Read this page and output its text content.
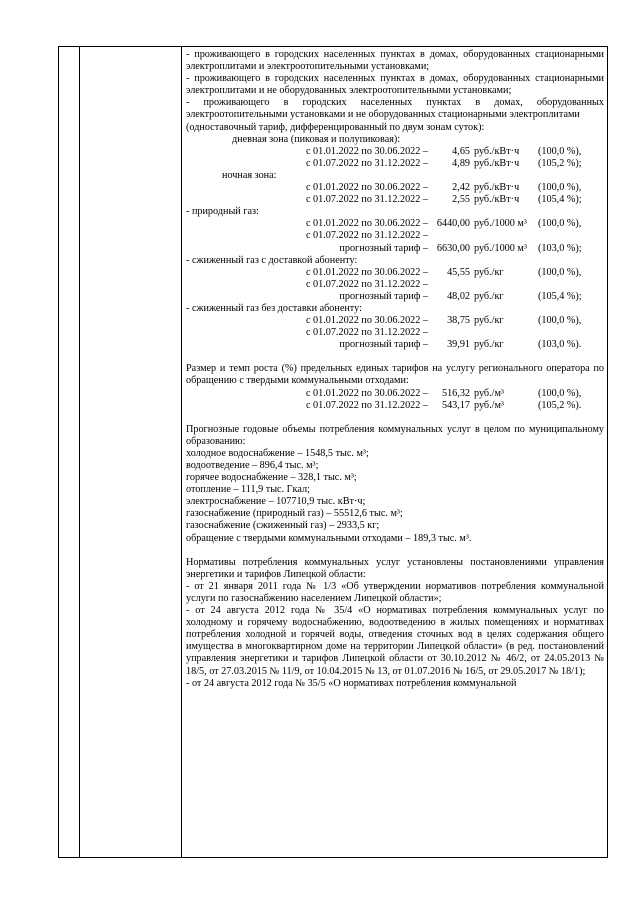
- проживающего в городских населенных пунктах в домах, оборудованных стационарными электроплитами и электроотопительными установками;

- проживающего в городских населенных пунктах в домах, оборудованных стационарными электроплитами и не оборудованных электроотопительными установками;

- проживающего в городских населенных пунктах в домах, оборудованных электроотопительными установками и не оборудованных стационарными электроплитами

(одноставочный тариф, дифференцированный по двум зонам суток):

дневная зона (пиковая и полупиковая):
с 01.01.2022 по 30.06.2022 –	4,65 руб./кВт·ч	(100,0 %),
с 01.07.2022 по 31.12.2022 –	4,89 руб./кВт·ч	(105,2 %);
ночная зона:
с 01.01.2022 по 30.06.2022 –	2,42 руб./кВт·ч	(100,0 %),
с 01.07.2022 по 31.12.2022 –	2,55 руб./кВт·ч	(105,4 %);
- природный газ:
с 01.01.2022 по 30.06.2022 – 6440,00 руб./1000 м³	(100,0 %),
с 01.07.2022 по 31.12.2022 –
прогнозный тариф – 6630,00 руб./1000 м³	(103,0 %);
- сжиженный газ с доставкой абоненту:
с 01.01.2022 по 30.06.2022 –	45,55 руб./кг	(100,0 %),
с 01.07.2022 по 31.12.2022 –
прогнозный тариф –	48,02 руб./кг	(105,4 %);
- сжиженный газ без доставки абоненту:
с 01.01.2022 по 30.06.2022 –	38,75 руб./кг	(100,0 %),
с 01.07.2022 по 31.12.2022 –
прогнозный тариф –	39,91 руб./кг	(103,0 %).

Размер и темп роста (%) предельных единых тарифов на услугу регионального оператора по обращению с твердыми коммунальными отходами:

с 01.01.2022 по 30.06.2022 –	516,32 руб./м³	(100,0 %),
с 01.07.2022 по 31.12.2022 –	543,17 руб./м³	(105,2 %).

Прогнозные годовые объемы потребления коммунальных услуг в целом по муниципальному образованию:

холодное водоснабжение – 1548,5 тыс. м³;

водоотведение – 896,4 тыс. м³;

горячее водоснабжение – 328,1 тыс. м³;

отопление – 111,9 тыс. Гкал;

электроснабжение – 107710,9 тыс. кВт·ч;

газоснабжение (природный газ) – 55512,6 тыс. м³;

газоснабжение (сжиженный газ) – 2933,5 кг;

обращение с твердыми коммунальными отходами – 189,3 тыс. м³.

Нормативы потребления коммунальных услуг установлены постановлениями управления энергетики и тарифов Липецкой области:

- от 21 января 2011 года № 1/3 «Об утверждении нормативов потребления коммунальной услуги по газоснабжению населением Липецкой области»;

- от 24 августа 2012 года № 35/4 «О нормативах потребления коммунальных услуг по холодному и горячему водоснабжению, водоотведению в жилых помещениях и нормативах потребления холодной и горячей воды, отведения сточных вод в целях содержания общего имущества в многоквартирном доме на территории Липецкой области» (в ред. постановлений управления энергетики и тарифов Липецкой области от 30.10.2012 № 46/2, от 24.05.2013 № 18/5, от 27.03.2015 № 11/9, от 10.04.2015 № 13, от 01.07.2016 № 16/5, от 29.05.2017 № 18/1);

- от 24 августа 2012 года № 35/5 «О нормативах потребления коммунальной
